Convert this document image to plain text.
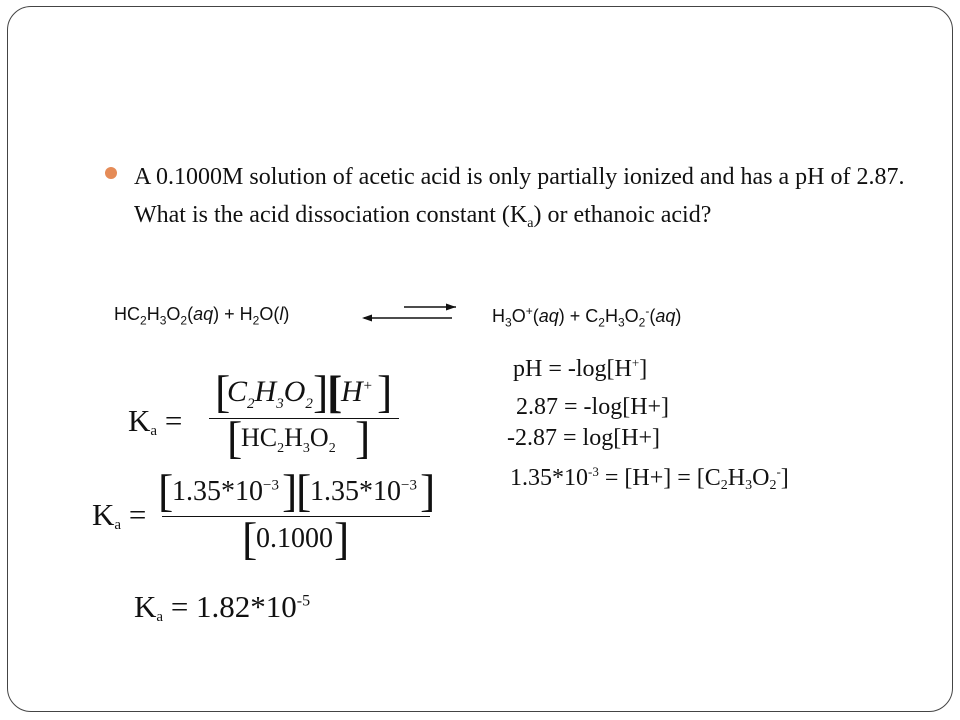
A 0.1000M solution of acetic acid is only partially ionized and has a pH of 2.87. What is the acid dissociation constant $(K_a)$ or ethanoic acid?
$HC_2H_3O_2(aq) + H_2O(l)$	$H_3O^+(aq) + C_2H_3O_2^-(aq)$
$K_a$ =
[
$C_2H_3O_2$ ]
[
H+ ]
[
$HC_2H_3O_2$ ]
$K_a$ = [
$1.35*10^{-3}$ ]
[
$1.35*10^{-3}$ ]
[
0.1000 ]
$K_a = 1.82*10^{-5}$
pH = -log[H+]
2.87 = -log[H+]
-2.87 = log[H+]
$1.35*10^{-3} = [H+] = [C_2H_3O_2^-]$
